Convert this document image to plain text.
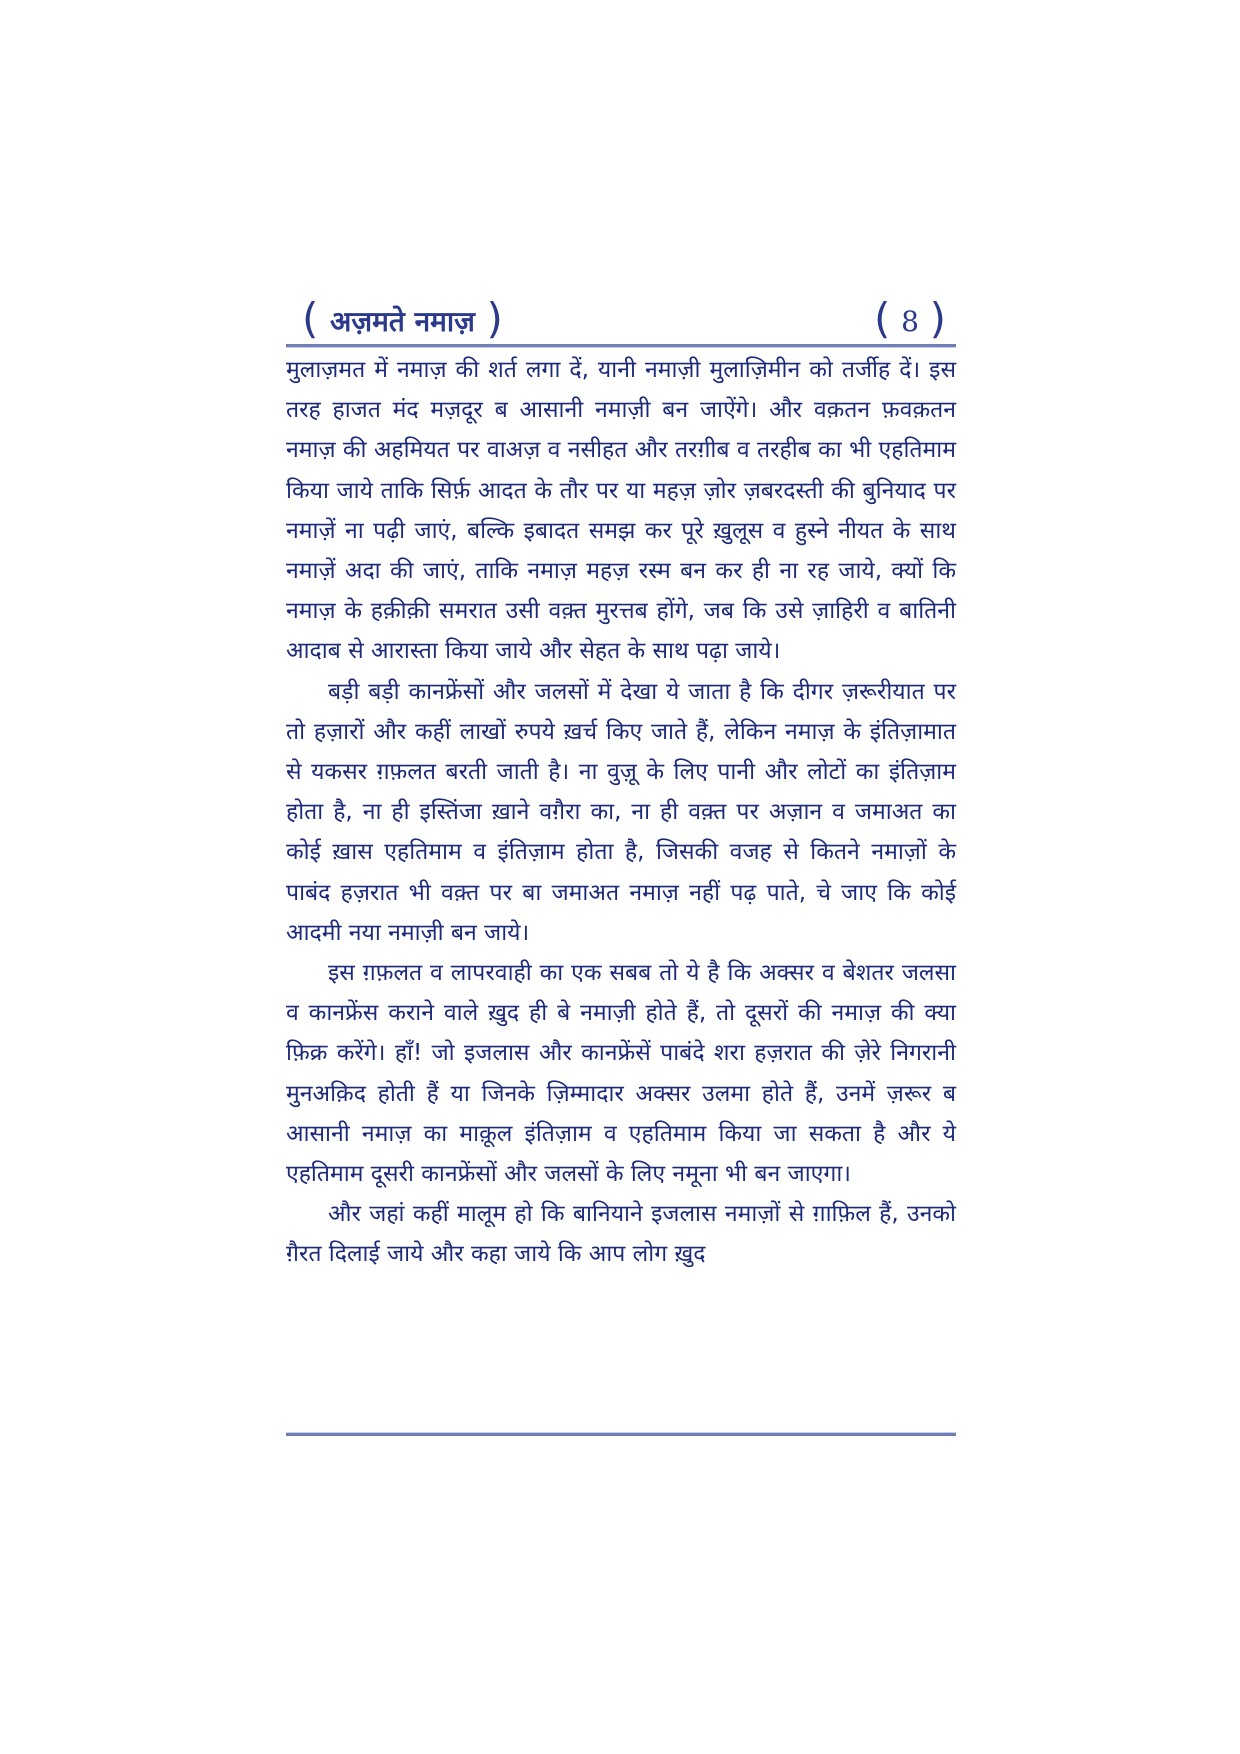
( अज़मते नमाज़ )	( 8 )

मुलाज़मत में नमाज़ की शर्त लगा दें, यानी नमाज़ी मुलाज़िमीन को तर्जीह दें। इस तरह हाजत मंद मज़दूर ब आसानी नमाज़ी बन जाऐंगे। और वक़तन फ़वक़तन नमाज़ की अहमियत पर वाअज़ व नसीहत और तरग़ीब व तरहीब का भी एहतिमाम किया जाये ताकि सिर्फ़ आदत के तौर पर या महज़ ज़ोर ज़बरदस्ती की बुनियाद पर नमाज़ें ना पढ़ी जाएं, बल्कि इबादत समझ कर पूरे ख़ुलूस व हुस्ने नीयत के साथ नमाज़ें अदा की जाएं, ताकि नमाज़ महज़ रस्म बन कर ही ना रह जाये, क्यों कि नमाज़ के हक़ीक़ी समरात उसी वक़्त मुरत्तब होंगे, जब कि उसे ज़ाहिरी व बातिनी आदाब से आरास्ता किया जाये और सेहत के साथ पढ़ा जाये।

बड़ी बड़ी कानफ्रेंसों और जलसों में देखा ये जाता है कि दीगर ज़रूरीयात पर तो हज़ारों और कहीं लाखों रुपये ख़र्च किए जाते हैं, लेकिन नमाज़ के इंतिज़ामात से यकसर ग़फ़लत बरती जाती है। ना वुज़ू के लिए पानी और लोटों का इंतिज़ाम होता है, ना ही इस्तिंजा ख़ाने वग़ैरा का, ना ही वक़्त पर अज़ान व जमाअत का कोई ख़ास एहतिमाम व इंतिज़ाम होता है, जिसकी वजह से कितने नमाज़ों के पाबंद हज़रात भी वक़्त पर बा जमाअत नमाज़ नहीं पढ़ पाते, चे जाए कि कोई आदमी नया नमाज़ी बन जाये।

इस ग़फ़लत व लापरवाही का एक सबब तो ये है कि अक्सर व बेशतर जलसा व कानफ्रेंस कराने वाले ख़ुद ही बे नमाज़ी होते हैं, तो दूसरों की नमाज़ की क्या फ़िक्र करेंगे। हाँ! जो इजलास और कानफ्रेंसें पाबंदे शरा हज़रात की ज़ेरे निगरानी मुनअक़िद होती हैं या जिनके ज़िम्मादार अक्सर उलमा होते हैं, उनमें ज़रूर ब आसानी नमाज़ का माक़ूल इंतिज़ाम व एहतिमाम किया जा सकता है और ये एहतिमाम दूसरी कानफ्रेंसों और जलसों के लिए नमूना भी बन जाएगा।

और जहां कहीं मालूम हो कि बानियाने इजलास नमाज़ों से ग़ाफ़िल हैं, उनको ग़ैरत दिलाई जाये और कहा जाये कि आप लोग ख़ुद
